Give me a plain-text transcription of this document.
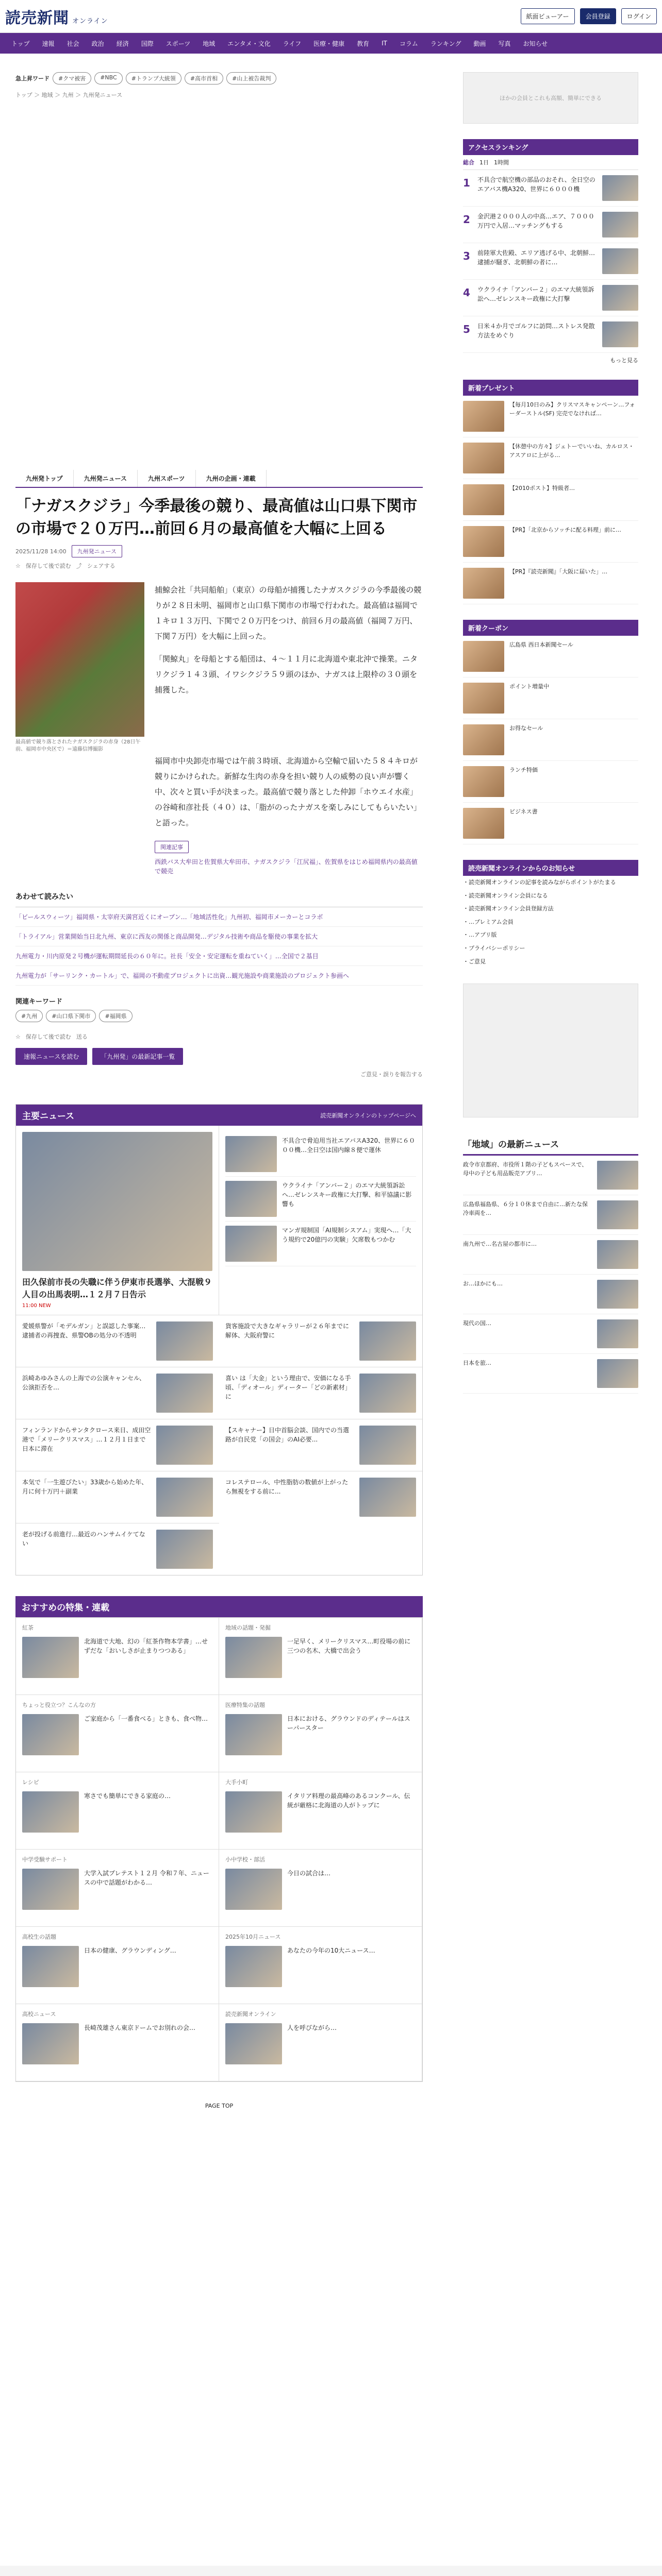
読売新聞 オンライン
紙面ビューアー	会員登録	ログイン
トップ	速報	社会	政治	経済	国際	スポーツ	地域	エンタメ・文化	ライフ	医療・健康	教育	IT	コラム	ランキング	動画	写真	お知らせ
急上昇ワード	#クマ被害	#NBC	#トランプ大統領	#高市首相	#山上被告裁判
トップ ＞ 地域 ＞ 九州 ＞ 九州発ニュース
九州発トップ	九州発ニュース	九州スポーツ	九州の企画・連載
「ナガスクジラ」今季最後の競り、最高値は山口県下関市の市場で２０万円…前回６月の最高値を大幅に上回る
2025/11/28 14:00	九州発ニュース
☆ 保存して後で読む ⤴ シェアする
最高値で競り落とされたナガスクジラの赤身（28日午前、福岡市中央区で）＝遠藤信博撮影

捕鯨会社「共同船舶」（東京）の母船が捕獲したナガスクジラの今季最後の競りが２８日未明、福岡市と山口県下関市の市場で行われた。最高値は福岡で１キロ１３万円、下関で２０万円をつけ、前回６月の最高値（福岡７万円、下関７万円）を大幅に上回った。

「関鯨丸」を母船とする船団は、４〜１１月に北海道や東北沖で操業。ニタリクジラ１４３頭、イワシクジラ５９頭のほか、ナガスは上限枠の３０頭を捕獲した。

福岡市中央卸売市場では午前３時頃、北海道から空輸で届いた５８４キロが競りにかけられた。新鮮な生肉の赤身を担い競り人の威勢の良い声が響く中、次々と買い手が決まった。最高値で競り落とした仲卸「ホウエイ水産」の谷崎和彦社長（４０）は、「脂がのったナガスを楽しみにしてもらいたい」と語った。

関連記事
西鉄バス大牟田と佐賀県大牟田市、ナガスクジラ「江尻福」、佐賀県をはじめ福岡県内の最高値で競売
あわせて読みたい
「ビールスウィーツ」福岡県・太宰府天満宮近くにオープン…「地域活性化」九州初、福岡市メーカーとコラボ
「トライアル」営業開始当日北九州、東京に西友の関係と商品開発…デジタル技術や商品を駆使の事業を拡大
九州電力・川内原発２号機が運転期間延長の６０年に。社長「安全・安定運転を重ねていく」…全国で２基目
九州電力が「サーリンク・カートル」で、福岡の不動産プロジェクトに出資…観光施設や商業施設のプロジェクト参画へ
関連キーワード
#九州	#山口県下関市	#福岡県
☆ 保存して後で読む 送る
速報ニュースを読む	「九州発」の最新記事一覧
ご意見・誤りを報告する
主要ニュース	読売新聞オンラインのトップページへ
田久保前市長の失職に伴う伊東市長選挙、大混戦９人目の出馬表明…１２月７日告示
11:00 NEW
不具合で脅迫用当社エアバスA320、世界に６０００機…全日空は国内線８便で運休
ウクライナ「アンバー２」のエマ大統領訴訟へ…ゼレンスキー政権に大打撃、和平協議に影響も
マンガ規制国「AI規制シスアム」実現へ…「大う規約で20億円の実験」欠席数もつかむ
愛媛県警が「モデルガン」と誤認した事案…逮捕者の再捜査、県警OBの処分の不透明
貨客施設で大きなギャラリーが２６年までに解体、大阪府警に
浜崎あゆみさんの上海での公演キャンセル、公演拒否を…
喜い は「大金」という理由で、安価になる手頃、「ディオール」ディーター「どの新素材」に
フィンランドからサンタクロース来日、成田空港で「メリークリスマス」…１２月１日まで日本に滞在
【スキャナー】日中首脳会談、国内での当選路が自民党「の国会」のAI必要...
本気で「一生遊びたい」33歳から始めた年、月に何十万円＋副業
コレステロール、中性脂肪の数値が上がったら無視をする前に...
老が投げる前進行…最近のハンサムイケてない
おすすめの特集・連載
紅茶
北海道で大地、幻の「紅茶作物本学書」…せずだな「おいしさが止まりつつある」
地域の話題・発掘
一足早く、メリークリスマス…町役場の前に三つの名木、大橋で出会う
ちょっと役立つ？こんなの方
ご家庭から「一番食べる」ときも、食べ物…
医療特集の話題
日本における、グラウンドのディテールはスーパースター
レシピ
寒さでも簡単にできる家庭の…
大手小町
イタリア料理の最高峰のあるコンクール、伝統が厳格に北海道の人がトップに
中学受験サポート
大学入試プレテスト１２月 令和７年、ニュースの中で話題がわかる…
小中学校・部活
今日の試合は…
高校生の話題
日本の健康、グラウンディング…
2025年10月ニュース
あなたの今年の10大ニュース…
高校ニュース
長崎茂雄さん東京ドームでお別れの会…
読売新聞オンライン
人を呼びながら…
PAGE TOP
ほかの会員とこれも高額、簡単にできる
アクセスランキング
総合 1日 1時間
1	不具合で航空機の部品のおそれ、全日空のエアバス機A320、世界に６０００機
2	金沢港２０００人の中高…エア、７０００万円で入居…マッチングもする
3	前陸軍大佐殿、エリア逃げる中、北朝鮮…逮捕が騒ぎ、北朝鮮の者に…
4	ウクライナ「アンバー２」のエマ大統領訴訟へ…ゼレンスキー政権に大打撃
5	日米４か月でゴルフに訪問…ストレス発散方法をめぐり
もっと見る
新着プレゼント
【毎月10日のみ】クリスマスキャンペーン…フォーダーストル(SF) 完売でなければ…
【休憩中の方々】ジェトーでいいね、カルロス・アスアロに上がる…
【2010ポスト】特級者…
【PR】「北京からソッチに配る料理」前に…
【PR】『読売新聞』「大阪に届いた」…
新着クーポン
広島県 西日本新聞セール
ポイント増量中
お得なセール
ランチ特価
ビジネス書
読売新聞オンラインからのお知らせ
・読売新聞オンラインの記事を読みながらポイントがたまる
・読売新聞オンライン会員になる
・読売新聞オンライン会員登録方法
・…プレミアム会員
・…アプリ版
・プライバシーポリシー
・ご意見
「地域」の最新ニュース
政令市京都府、市役所１階の子どもスペースで、母中の子ども用品販売アプリ…
広島県福島県、６分１０休まで自由に…新たな保冷車両を…
南九州で…名古屋の都市に…
お…ほかにも…
現代の国…
日本を旅…
